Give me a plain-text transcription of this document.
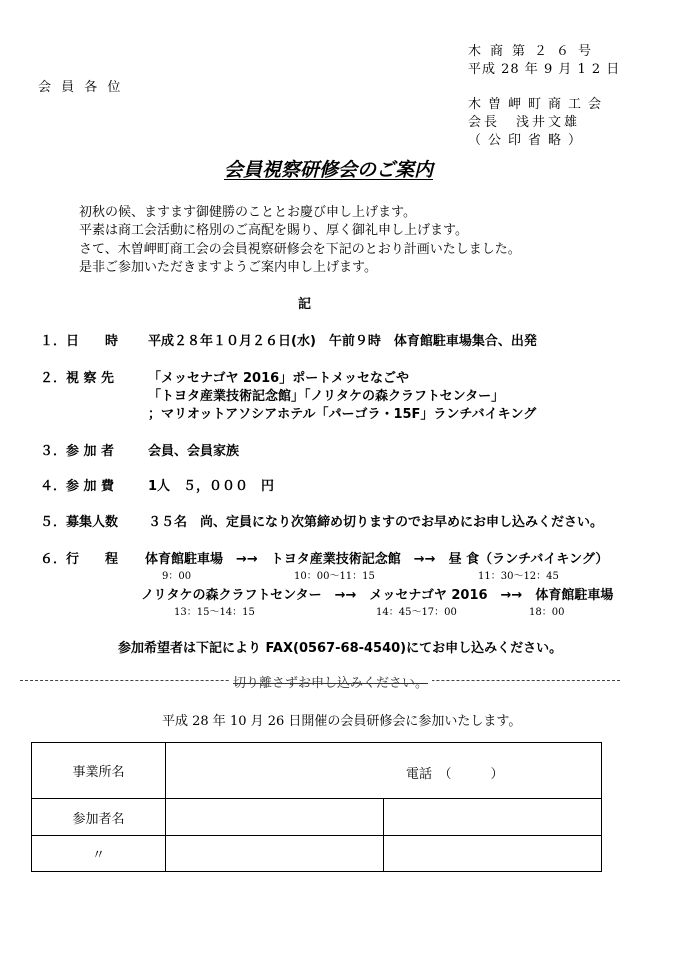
木商第２６号
平成 28 年 9 月 1 2 日
会 員 各 位
木曽岬町商工会
会長　浅井文雄
（公印省略）
会員視察研修会のご案内
初秋の候、ますます御健勝のこととお慶び申し上げます。
平素は商工会活動に格別のご高配を賜り、厚く御礼申し上げます。
さて、木曽岬町商工会の会員視察研修会を下記のとおり計画いたしました。
是非ご参加いただきますようご案内申し上げます。
記
１．日　　時 平成２８年１０月２６日(水)　午前９時　体育館駐車場集合、出発
２．視 察 先	「メッセナゴヤ 2016」ポートメッセなごや
「トヨタ産業技術記念館」「ノリタケの森クラフトセンター」
；マリオットアソシアホテル「パーゴラ・15F」ランチバイキング
３．参 加 者	会員、会員家族
４．参 加 費	1人　５，０００　円
５．募集人数 ３５名　尚、定員になり次第締め切りますのでお早めにお申し込みください。
６．行　　程 体育館駐車場　→→　トヨタ産業技術記念館　→→　昼 食（ランチバイキング）
9：00	10：00～11：15	11：30～12：45
ノリタケの森クラフトセンター　→→　メッセナゴヤ 2016　→→　体育館駐車場
13：15～14：15	14：45～17：00	18：00
参加希望者は下記により FAX(0567-68-4540)にてお申し込みください。
切り離さずお申し込みください。
平成 28 年 10 月 26 日開催の会員研修会に参加いたします。
事業所名	電話　（　　　）	

参加者名		
〃		
